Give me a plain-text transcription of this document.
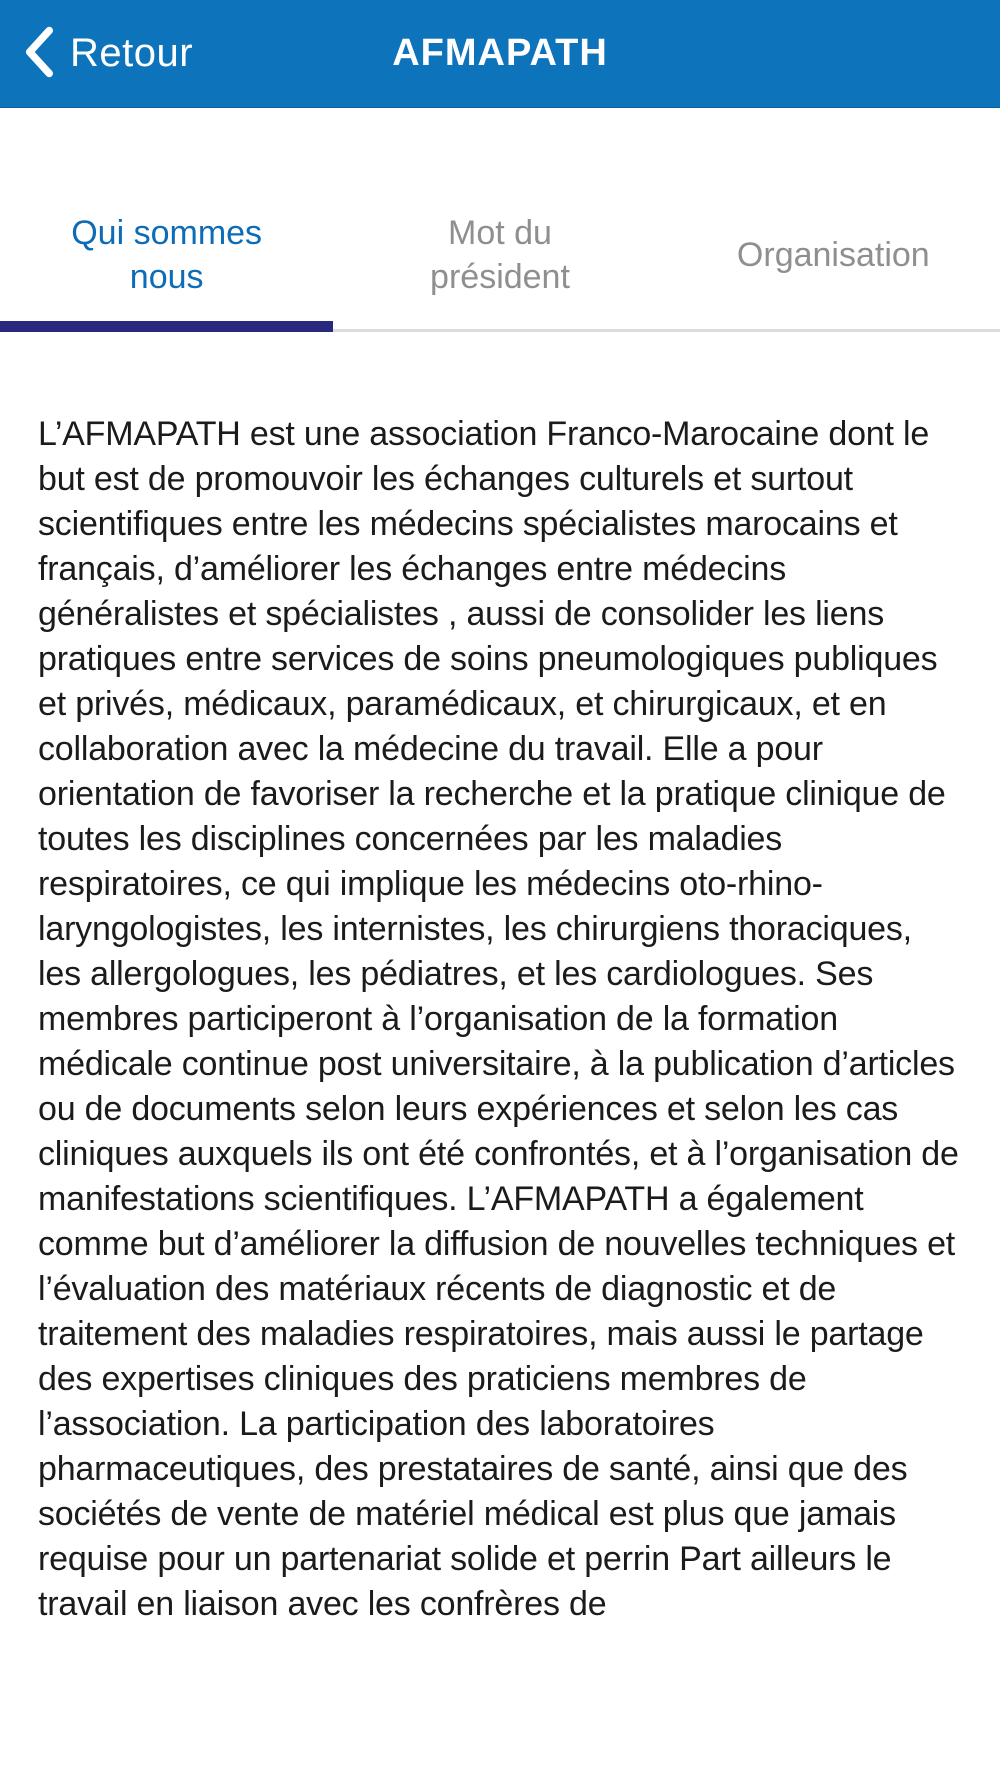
Retour	AFMAPATH
Qui sommes nous
Mot du président
Organisation

L’AFMAPATH est une association Franco-Marocaine dont le but est de promouvoir les échanges culturels et surtout scientifiques entre les médecins spécialistes marocains et français, d’améliorer les échanges entre médecins généralistes et spécialistes , aussi de consolider les liens pratiques entre services de soins pneumologiques publiques et privés, médicaux, paramédicaux, et chirurgicaux, et en collaboration avec la médecine du travail. Elle a pour orientation de favoriser la recherche et la pratique clinique de toutes les disciplines concernées par les maladies respiratoires, ce qui implique les médecins oto-rhino-laryngologistes, les internistes, les chirurgiens thoraciques, les allergologues, les pédiatres, et les cardiologues. Ses membres participeront à l’organisation de la formation médicale continue post universitaire, à la publication d’articles ou de documents selon leurs expériences et selon les cas cliniques auxquels ils ont été confrontés, et à l’organisation de manifestations scientifiques. L’AFMAPATH a également comme but d’améliorer la diffusion de nouvelles techniques et l’évaluation des matériaux récents de diagnostic et de traitement des maladies respiratoires, mais aussi le partage des expertises cliniques des praticiens membres de l’association. La participation des laboratoires pharmaceutiques, des prestataires de santé, ainsi que des sociétés de vente de matériel médical est plus que jamais requise pour un partenariat solide et perrin Part ailleurs le travail en liaison avec les confrères de
